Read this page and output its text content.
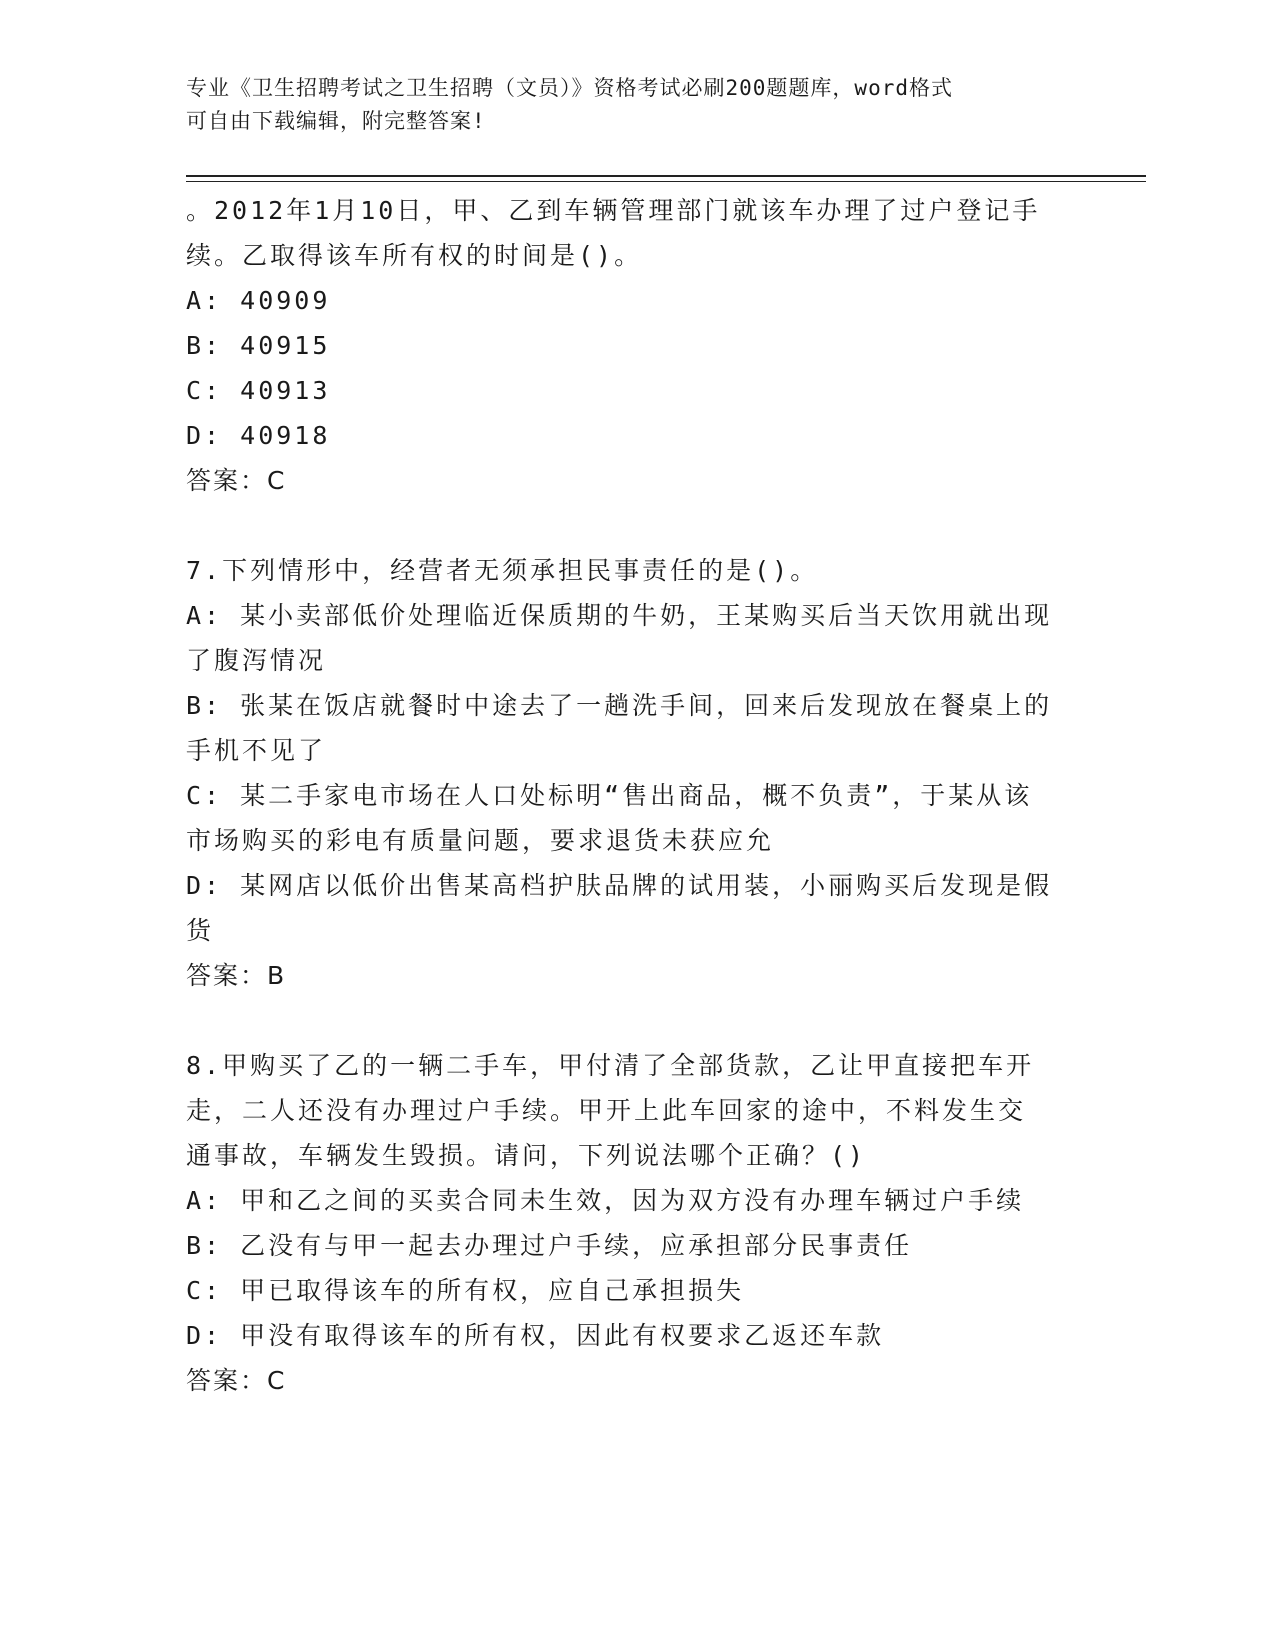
专业《卫生招聘考试之卫生招聘（文员）》资格考试必刷200题题库，word格式
可自由下载编辑，附完整答案!
。2012年1月10日，甲、乙到车辆管理部门就该车办理了过户登记手
续。乙取得该车所有权的时间是()。
A: 40909
B: 40915
C: 40913
D: 40918
答案：C
7.下列情形中，经营者无须承担民事责任的是()。
A: 某小卖部低价处理临近保质期的牛奶，王某购买后当天饮用就出现
了腹泻情况
B: 张某在饭店就餐时中途去了一趟洗手间，回来后发现放在餐桌上的
手机不见了
C: 某二手家电市场在人口处标明“售出商品，概不负责”，于某从该
市场购买的彩电有质量问题，要求退货未获应允
D: 某网店以低价出售某高档护肤品牌的试用装，小丽购买后发现是假
货
答案：B
8.甲购买了乙的一辆二手车，甲付清了全部货款，乙让甲直接把车开
走，二人还没有办理过户手续。甲开上此车回家的途中，不料发生交
通事故，车辆发生毁损。请问，下列说法哪个正确？()
A: 甲和乙之间的买卖合同未生效，因为双方没有办理车辆过户手续
B: 乙没有与甲一起去办理过户手续，应承担部分民事责任
C: 甲已取得该车的所有权，应自己承担损失
D: 甲没有取得该车的所有权，因此有权要求乙返还车款
答案：C
